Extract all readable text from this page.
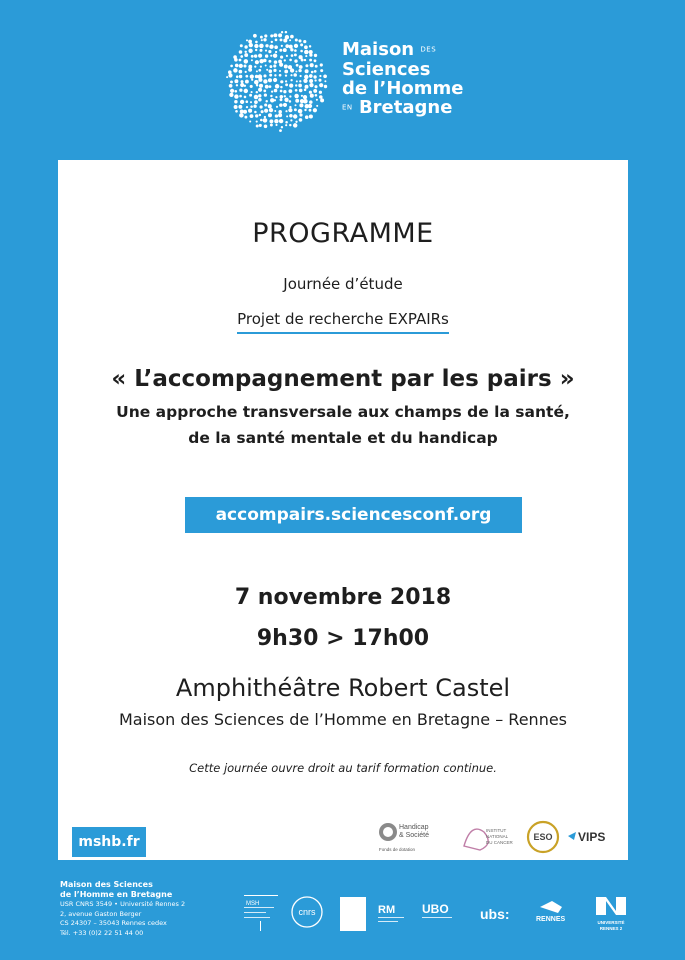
Maison DES
Sciences
de l’Homme
EN Bretagne
PROGRAMME
Journée d’étude
Projet de recherche EXPAIRs
« L’accompagnement par les pairs »
Une approche transversale aux champs de la santé,
de la santé mentale et du handicap
accompairs.sciencesconf.org
7 novembre 2018
9h30 > 17h00
Amphithéâtre Robert Castel
Maison des Sciences de l’Homme en Bretagne – Rennes
Cette journée ouvre droit au tarif formation continue.
mshb.fr
Handicap
& Société
Fonds de dotation
INSTITUT
NATIONAL
DU CANCER
ESO VIPS
Maison des Sciences
de l’Homme en Bretagne
USR CNRS 3549 • Université Rennes 2
2, avenue Gaston Berger
CS 24307 – 35043 Rennes cedex
Tél. +33 (0)2 22 51 44 00
MSH
cnrs	RM UBO ubs:	RENNES	UNIVERSITÉ
RENNES 2
